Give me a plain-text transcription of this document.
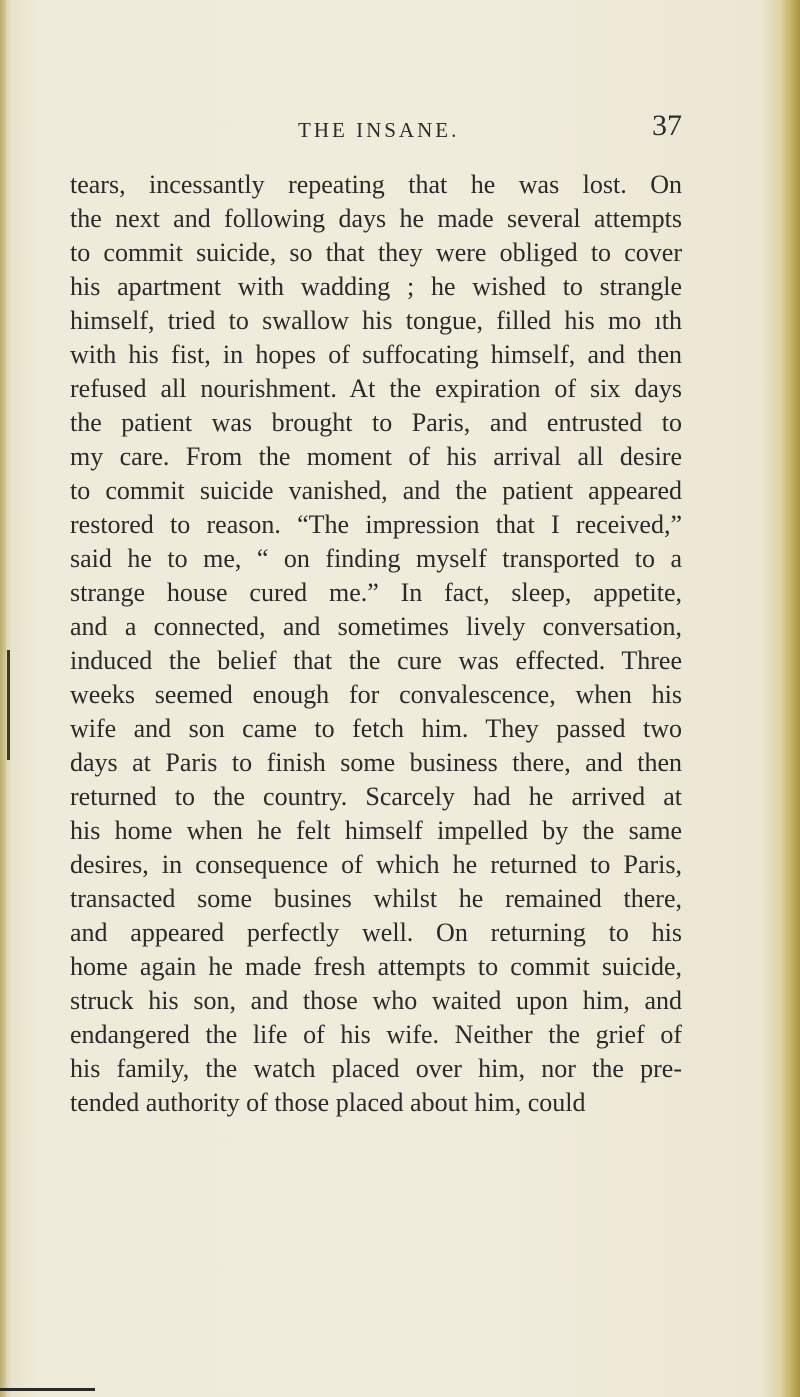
THE INSANE.	37
tears, incessantly repeating that he was lost. On
the next and following days he made several attempts
to commit suicide, so that they were obliged to cover
his apartment with wadding ; he wished to strangle
himself, tried to swallow his tongue, filled his mo ıth
with his fist, in hopes of suffocating himself, and then
refused all nourishment. At the expiration of six days
the patient was brought to Paris, and entrusted to
my care. From the moment of his arrival all desire
to commit suicide vanished, and the patient appeared
restored to reason. “The impression that I received,”
said he to me, “ on finding myself transported to a
strange house cured me.” In fact, sleep, appetite,
and a connected, and sometimes lively conversation,
induced the belief that the cure was effected. Three
weeks seemed enough for convalescence, when his
wife and son came to fetch him. They passed two
days at Paris to finish some business there, and then
returned to the country. Scarcely had he arrived at
his home when he felt himself impelled by the same
desires, in consequence of which he returned to Paris,
transacted some busines whilst he remained there,
and appeared perfectly well. On returning to his
home again he made fresh attempts to commit suicide,
struck his son, and those who waited upon him, and
endangered the life of his wife. Neither the grief of
his family, the watch placed over him, nor the pre-
tended authority of those placed about him, could
